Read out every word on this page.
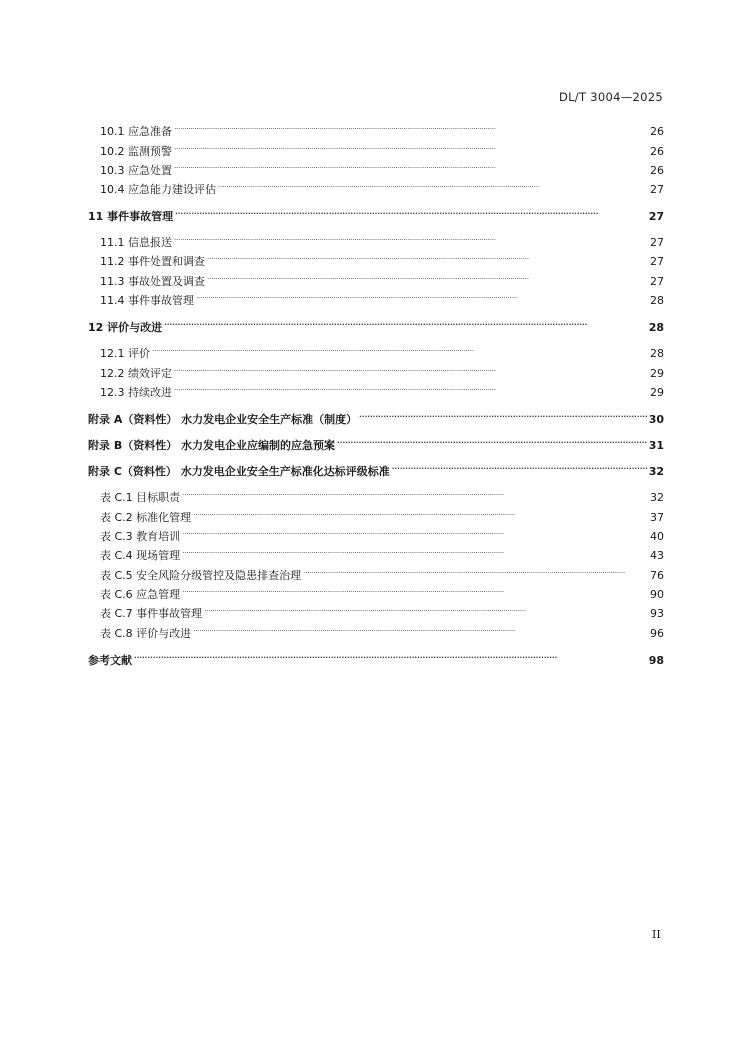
DL/T 3004—2025
10.1 应急准备 . . .	26
10.2 监测预警 . . .	26
10.3 应急处置 . . .	26
10.4 应急能力建设评估 . . .	27
11 事件事故管理 . . .	27
11.1 信息报送 . . .	27
11.2 事件处置和调查 . . .	27
11.3 事故处置及调查 . . .	27
11.4 事件事故管理 . . .	28
12 评价与改进 . . .	28
12.1 评价 . . .	28
12.2 绩效评定 . . .	29
12.3 持续改进 . . .	29
附录 A（资料性） 水力发电企业安全生产标准（制度） . . .	30
附录 B（资料性） 水力发电企业应编制的应急预案 . . .	31
附录 C（资料性） 水力发电企业安全生产标准化达标评级标准 . . .	32
表 C.1 目标职责 . . .	32
表 C.2 标准化管理 . . .	37
表 C.3 教育培训 . . .	40
表 C.4 现场管理 . . .	43
表 C.5 安全风险分级管控及隐患排查治理 . . .	76
表 C.6 应急管理 . . .	90
表 C.7 事件事故管理 . . .	93
表 C.8 评价与改进 . . .	96
参考文献 . . .	98
II
